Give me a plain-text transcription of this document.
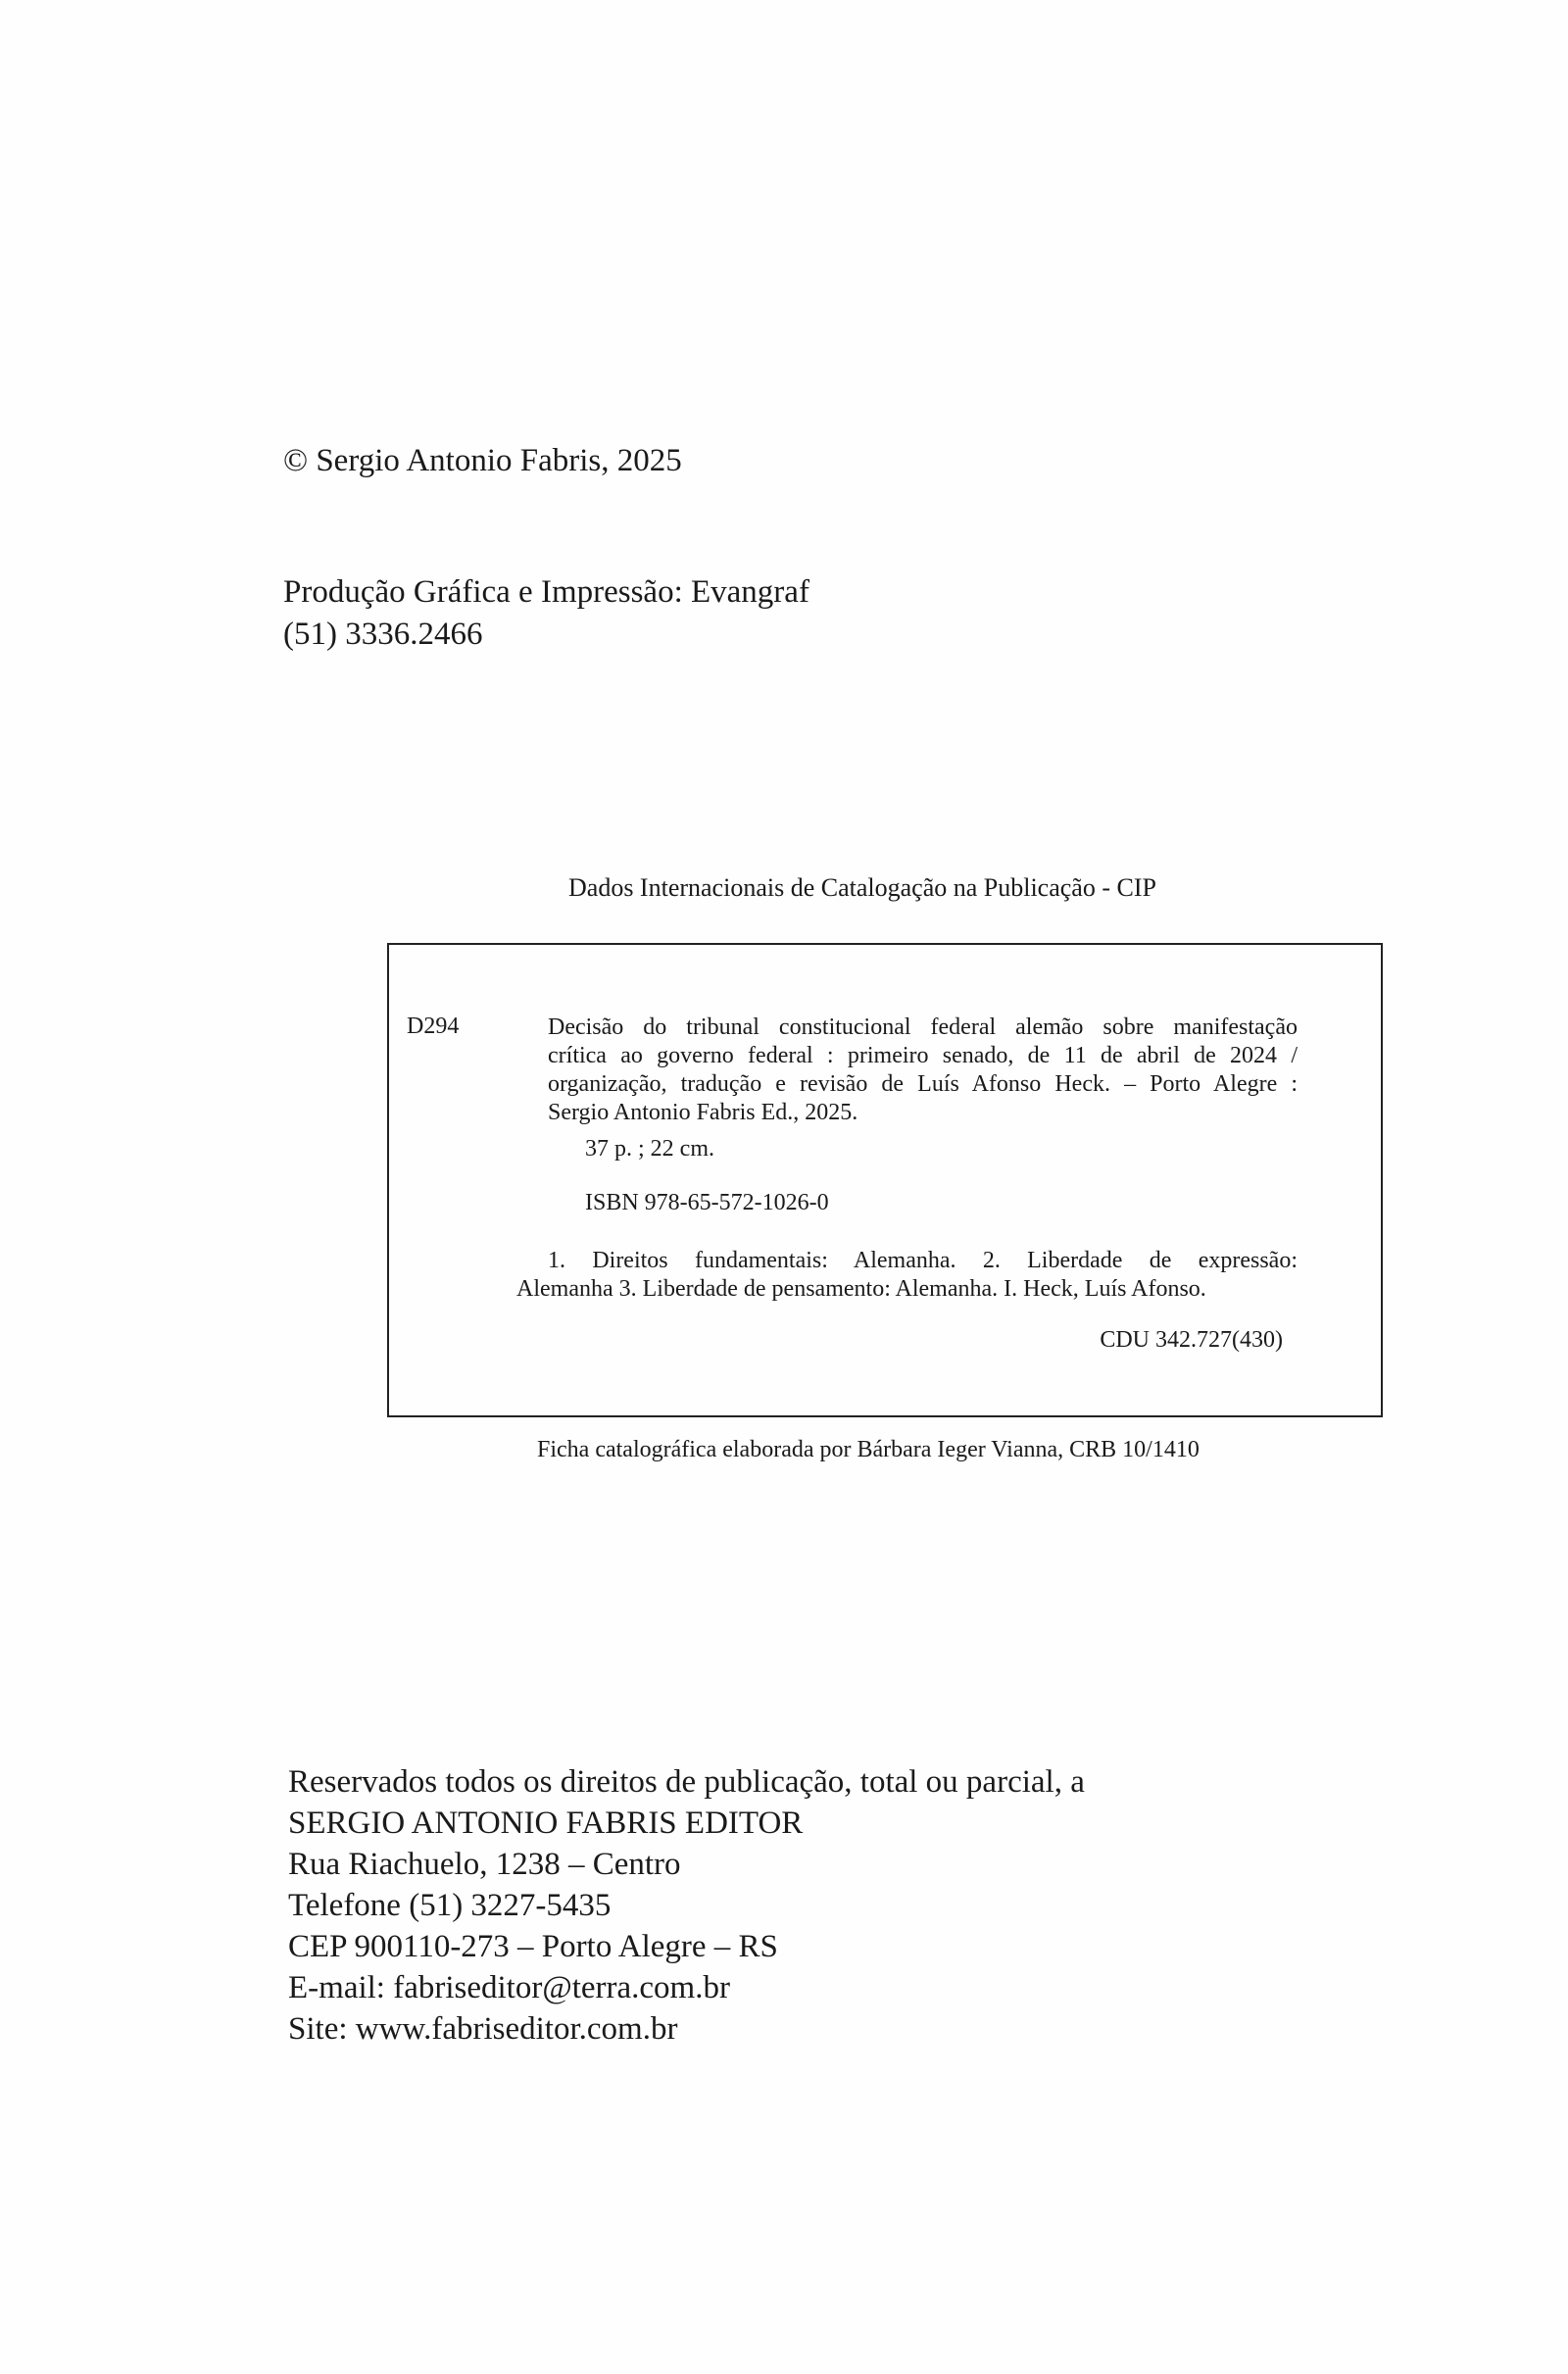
© Sergio Antonio Fabris, 2025
Produção Gráfica e Impressão: Evangraf
(51) 3336.2466
Dados Internacionais de Catalogação na Publicação - CIP
D294	Decisão do tribunal constitucional federal alemão sobre manifestação
crítica ao governo federal : primeiro senado, de 11 de abril de 2024 /
organização, tradução e revisão de Luís Afonso Heck. – Porto Alegre :
Sergio Antonio Fabris Ed., 2025.
37 p. ; 22 cm.
ISBN 978-65-572-1026-0
1. Direitos fundamentais: Alemanha. 2. Liberdade de expressão:
Alemanha 3. Liberdade de pensamento: Alemanha. I. Heck, Luís Afonso.
CDU 342.727(430)
Ficha catalográfica elaborada por Bárbara Ieger Vianna, CRB 10/1410
Reservados todos os direitos de publicação, total ou parcial, a
SERGIO ANTONIO FABRIS EDITOR
Rua Riachuelo, 1238 – Centro
Telefone (51) 3227-5435
CEP 900110-273 – Porto Alegre – RS
E-mail: fabriseditor@terra.com.br
Site: www.fabriseditor.com.br
